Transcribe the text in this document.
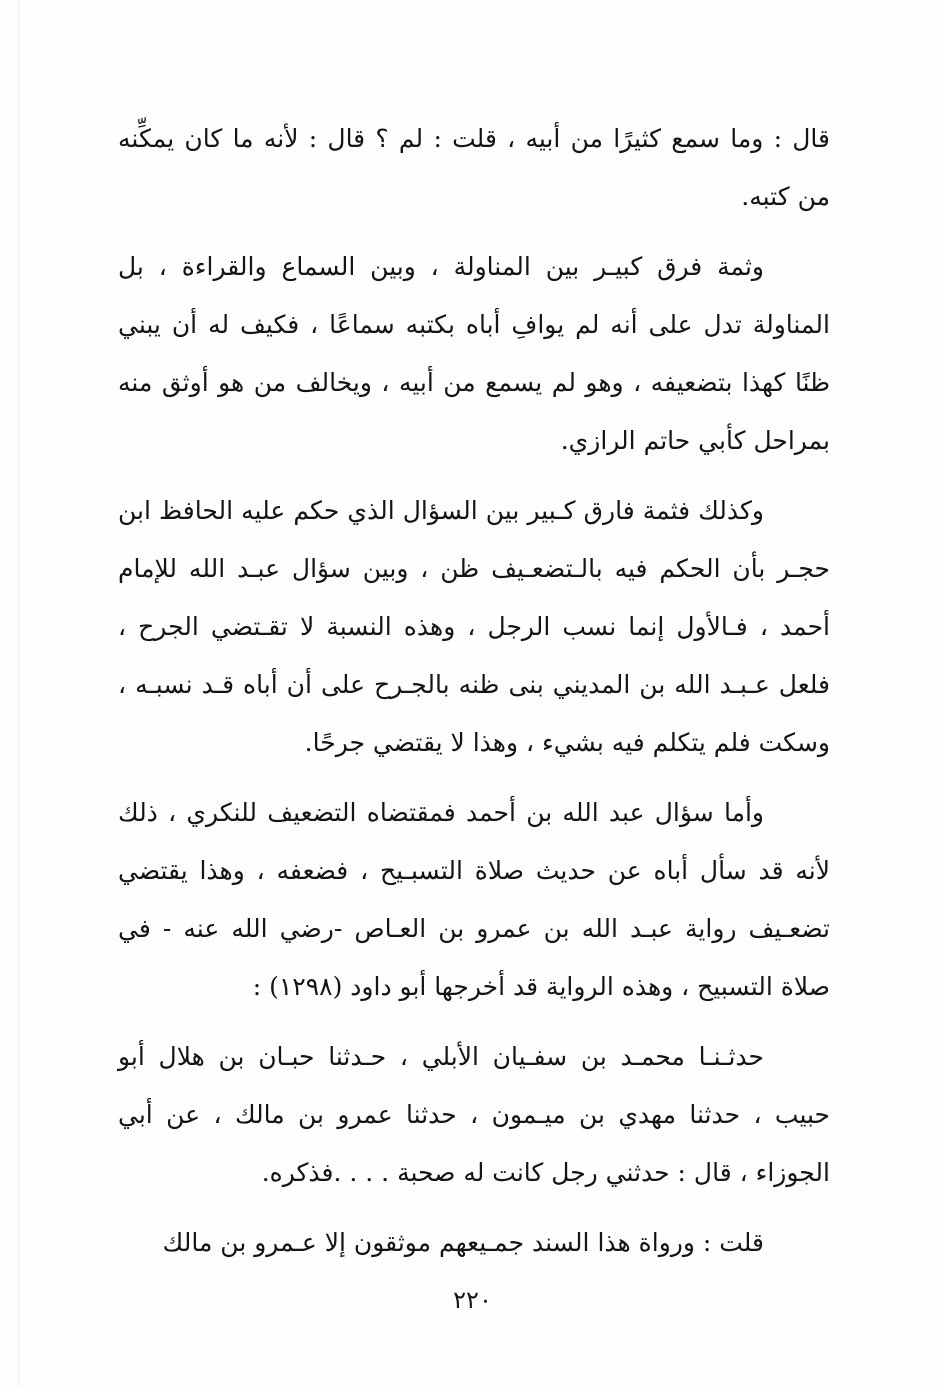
قال : وما سمع كثيرًا من أبيه ، قلت : لم ؟ قال : لأنه ما كان يمكِّنه من كتبه.

وثمة فرق كبيـر بين المناولة ، وبين السماع والقراءة ، بل المناولة تدل على أنه لم يوافِ أباه بكتبه سماعًا ، فكيف له أن يبني ظنًا كهذا بتضعيفه ، وهو لم يسمع من أبيه ، ويخالف من هو أوثق منه بمراحل كأبي حاتم الرازي.

وكذلك فثمة فارق كـبير بين السؤال الذي حكم عليه الحافظ ابن حجـر بأن الحكم فيه بالـتضعـيف ظن ، وبين سؤال عبـد الله للإمام أحمد ، فـالأول إنما نسب الرجل ، وهذه النسبة لا تقـتضي الجرح ، فلعل عـبـد الله بن المديني بنى ظنه بالجـرح على أن أباه قـد نسبـه ، وسكت فلم يتكلم فيه بشيء ، وهذا لا يقتضي جرحًا.

وأما سؤال عبد الله بن أحمد فمقتضاه التضعيف للنكري ، ذلك لأنه قد سأل أباه عن حديث صلاة التسبـيح ، فضعفه ، وهذا يقتضي تضعـيف رواية عبـد الله بن عمرو بن العـاص -رضي الله عنه - في صلاة التسبيح ، وهذه الرواية قد أخرجها أبو داود (١٢٩٨) :

حدثـنـا محمـد بن سفـيان الأبلي ، حـدثنا حبـان بن هلال أبو حبيب ، حدثنا مهدي بن ميـمون ، حدثنا عمرو بن مالك ، عن أبي الجوزاء ، قال : حدثني رجل كانت له صحبة . . . .فذكره.

قلت : ورواة هذا السند جمـيعهم موثقون إلا عـمرو بن مالك

٢٢٠
